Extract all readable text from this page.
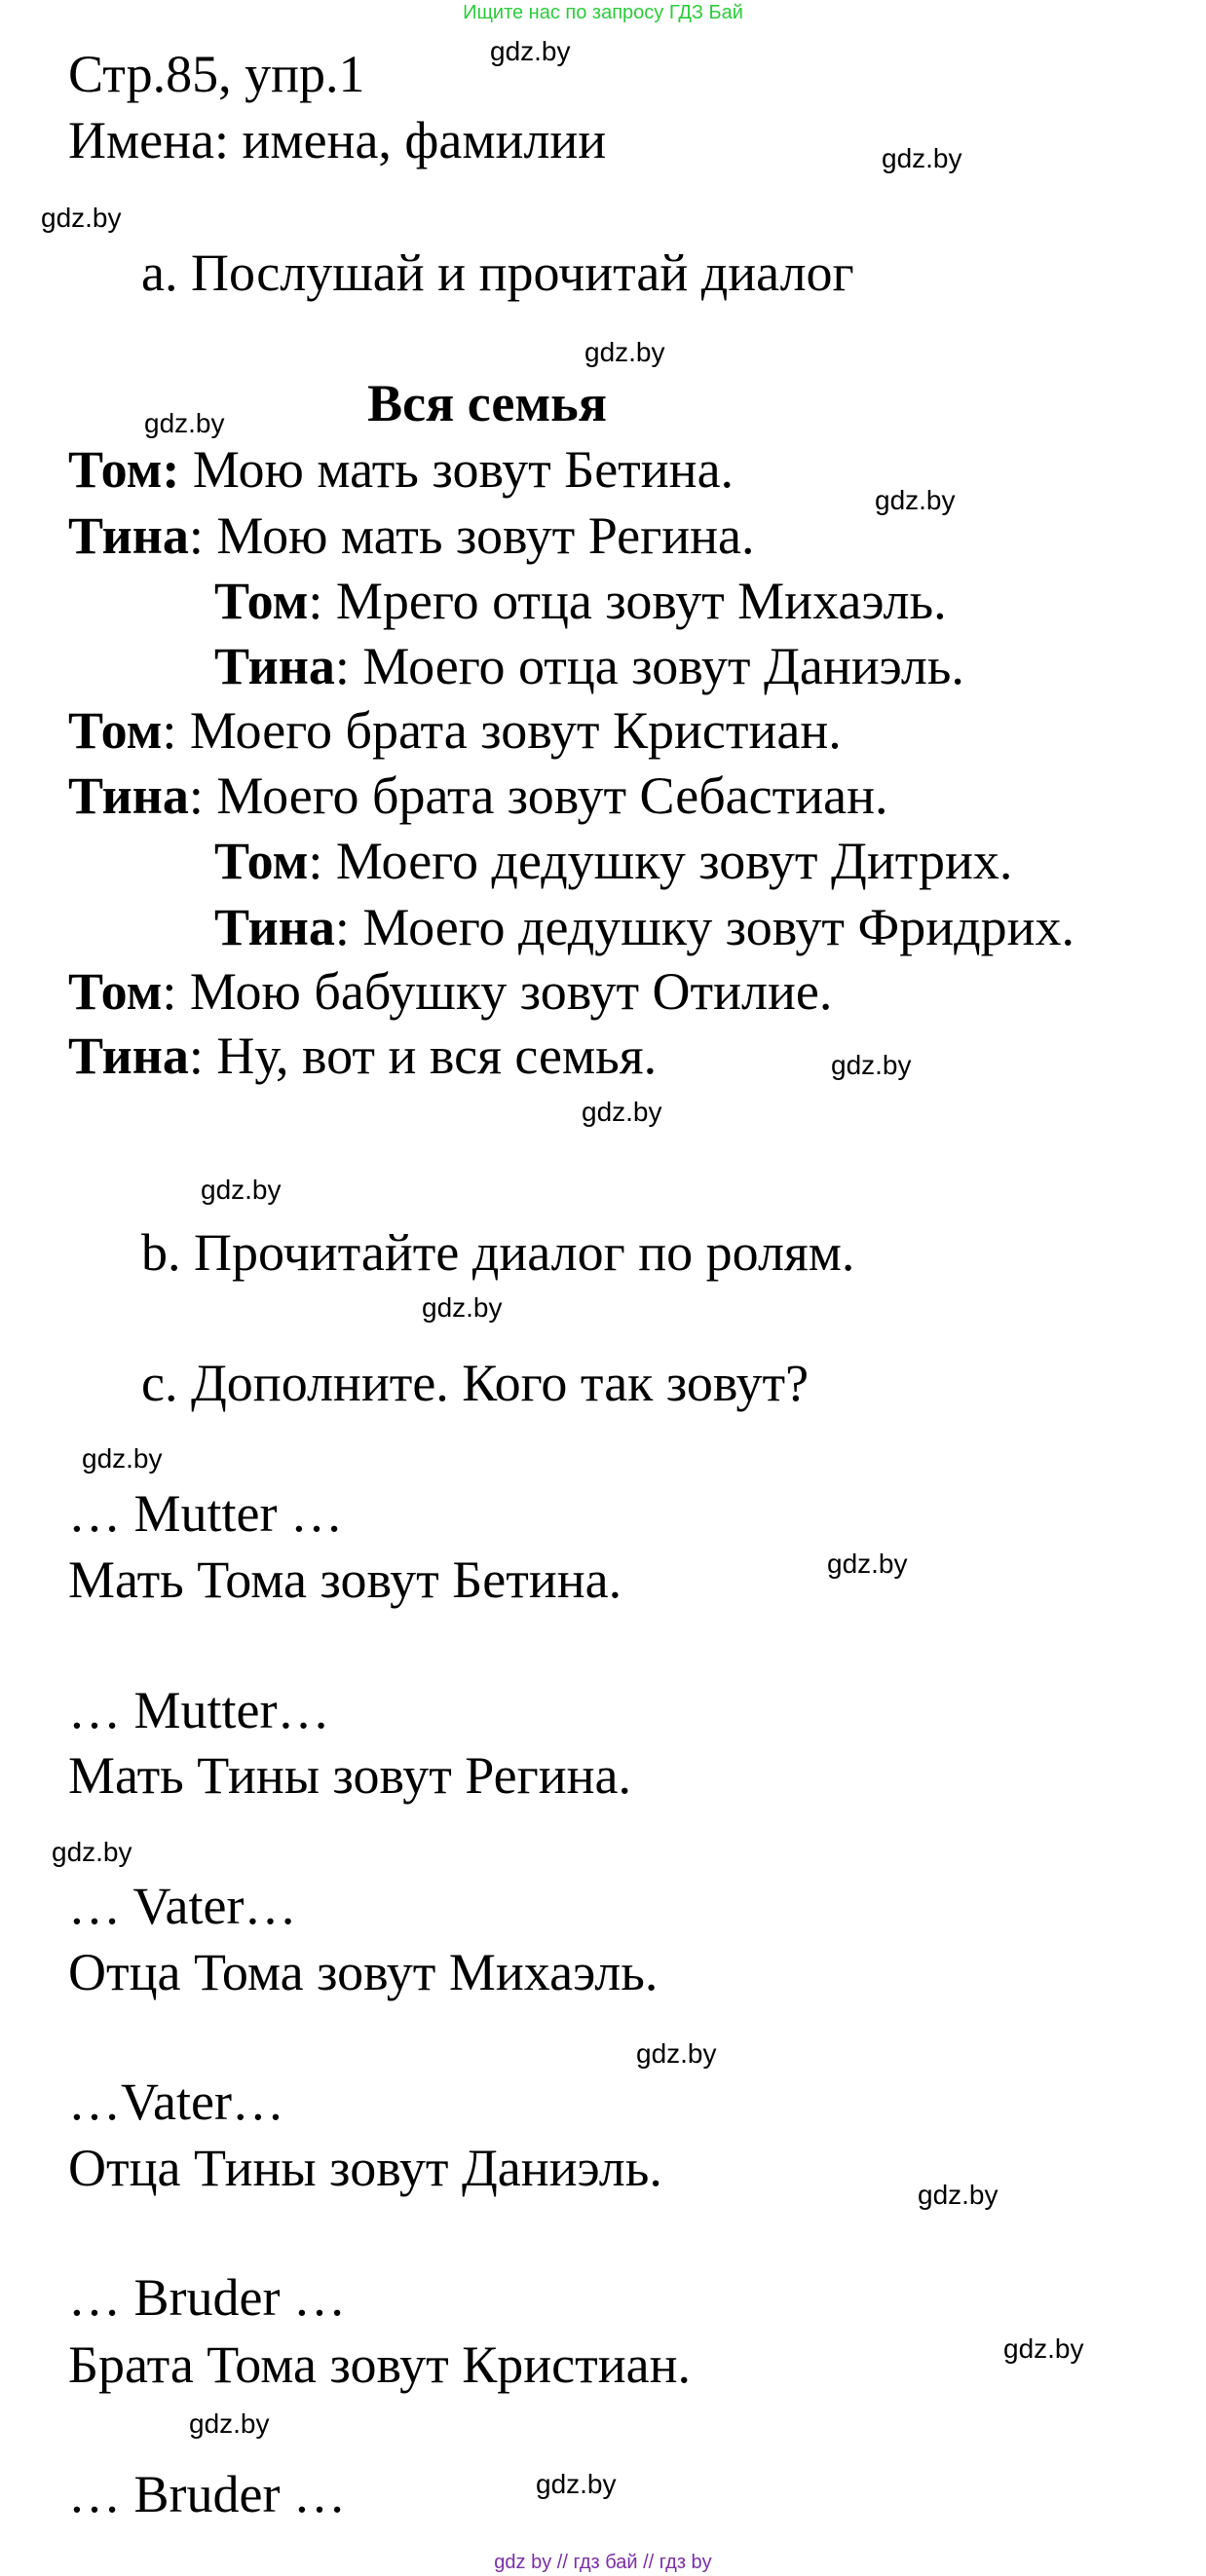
Ищите нас по запросу ГДЗ Бай
Стр.85, упр.1
Имена: имена, фамилии
a. Послушай и прочитай диалог
Вся семья
Том: Мою мать зовут Бетина.
Тина: Мою мать зовут Регина.
Том: Мрего отца зовут Михаэль.
Тина: Моего отца зовут Даниэль.
Том: Моего брата зовут Кристиан.
Тина: Моего брата зовут Себастиан.
Том: Моего дедушку зовут Дитрих.
Тина: Моего дедушку зовут Фридрих.
Том: Мою бабушку зовут Отилие.
Тина: Ну, вот и вся семья.
b. Прочитайте диалог по ролям.
c. Дополните. Кого так зовут?
… Mutter …
Мать Тома зовут Бетина.
… Mutter…
Мать Тины зовут Регина.
… Vater…
Отца Тома зовут Михаэль.
…Vater…
Отца Тины зовут Даниэль.
… Bruder …
Брата Тома зовут Кристиан.
… Bruder …
gdz.by
gdz.by
gdz.by
gdz.by
gdz.by
gdz.by
gdz.by
gdz.by
gdz.by
gdz.by
gdz.by
gdz.by
gdz.by
gdz.by
gdz.by
gdz.by
gdz.by
gdz.by
gdz by // гдз бай // гдз by
